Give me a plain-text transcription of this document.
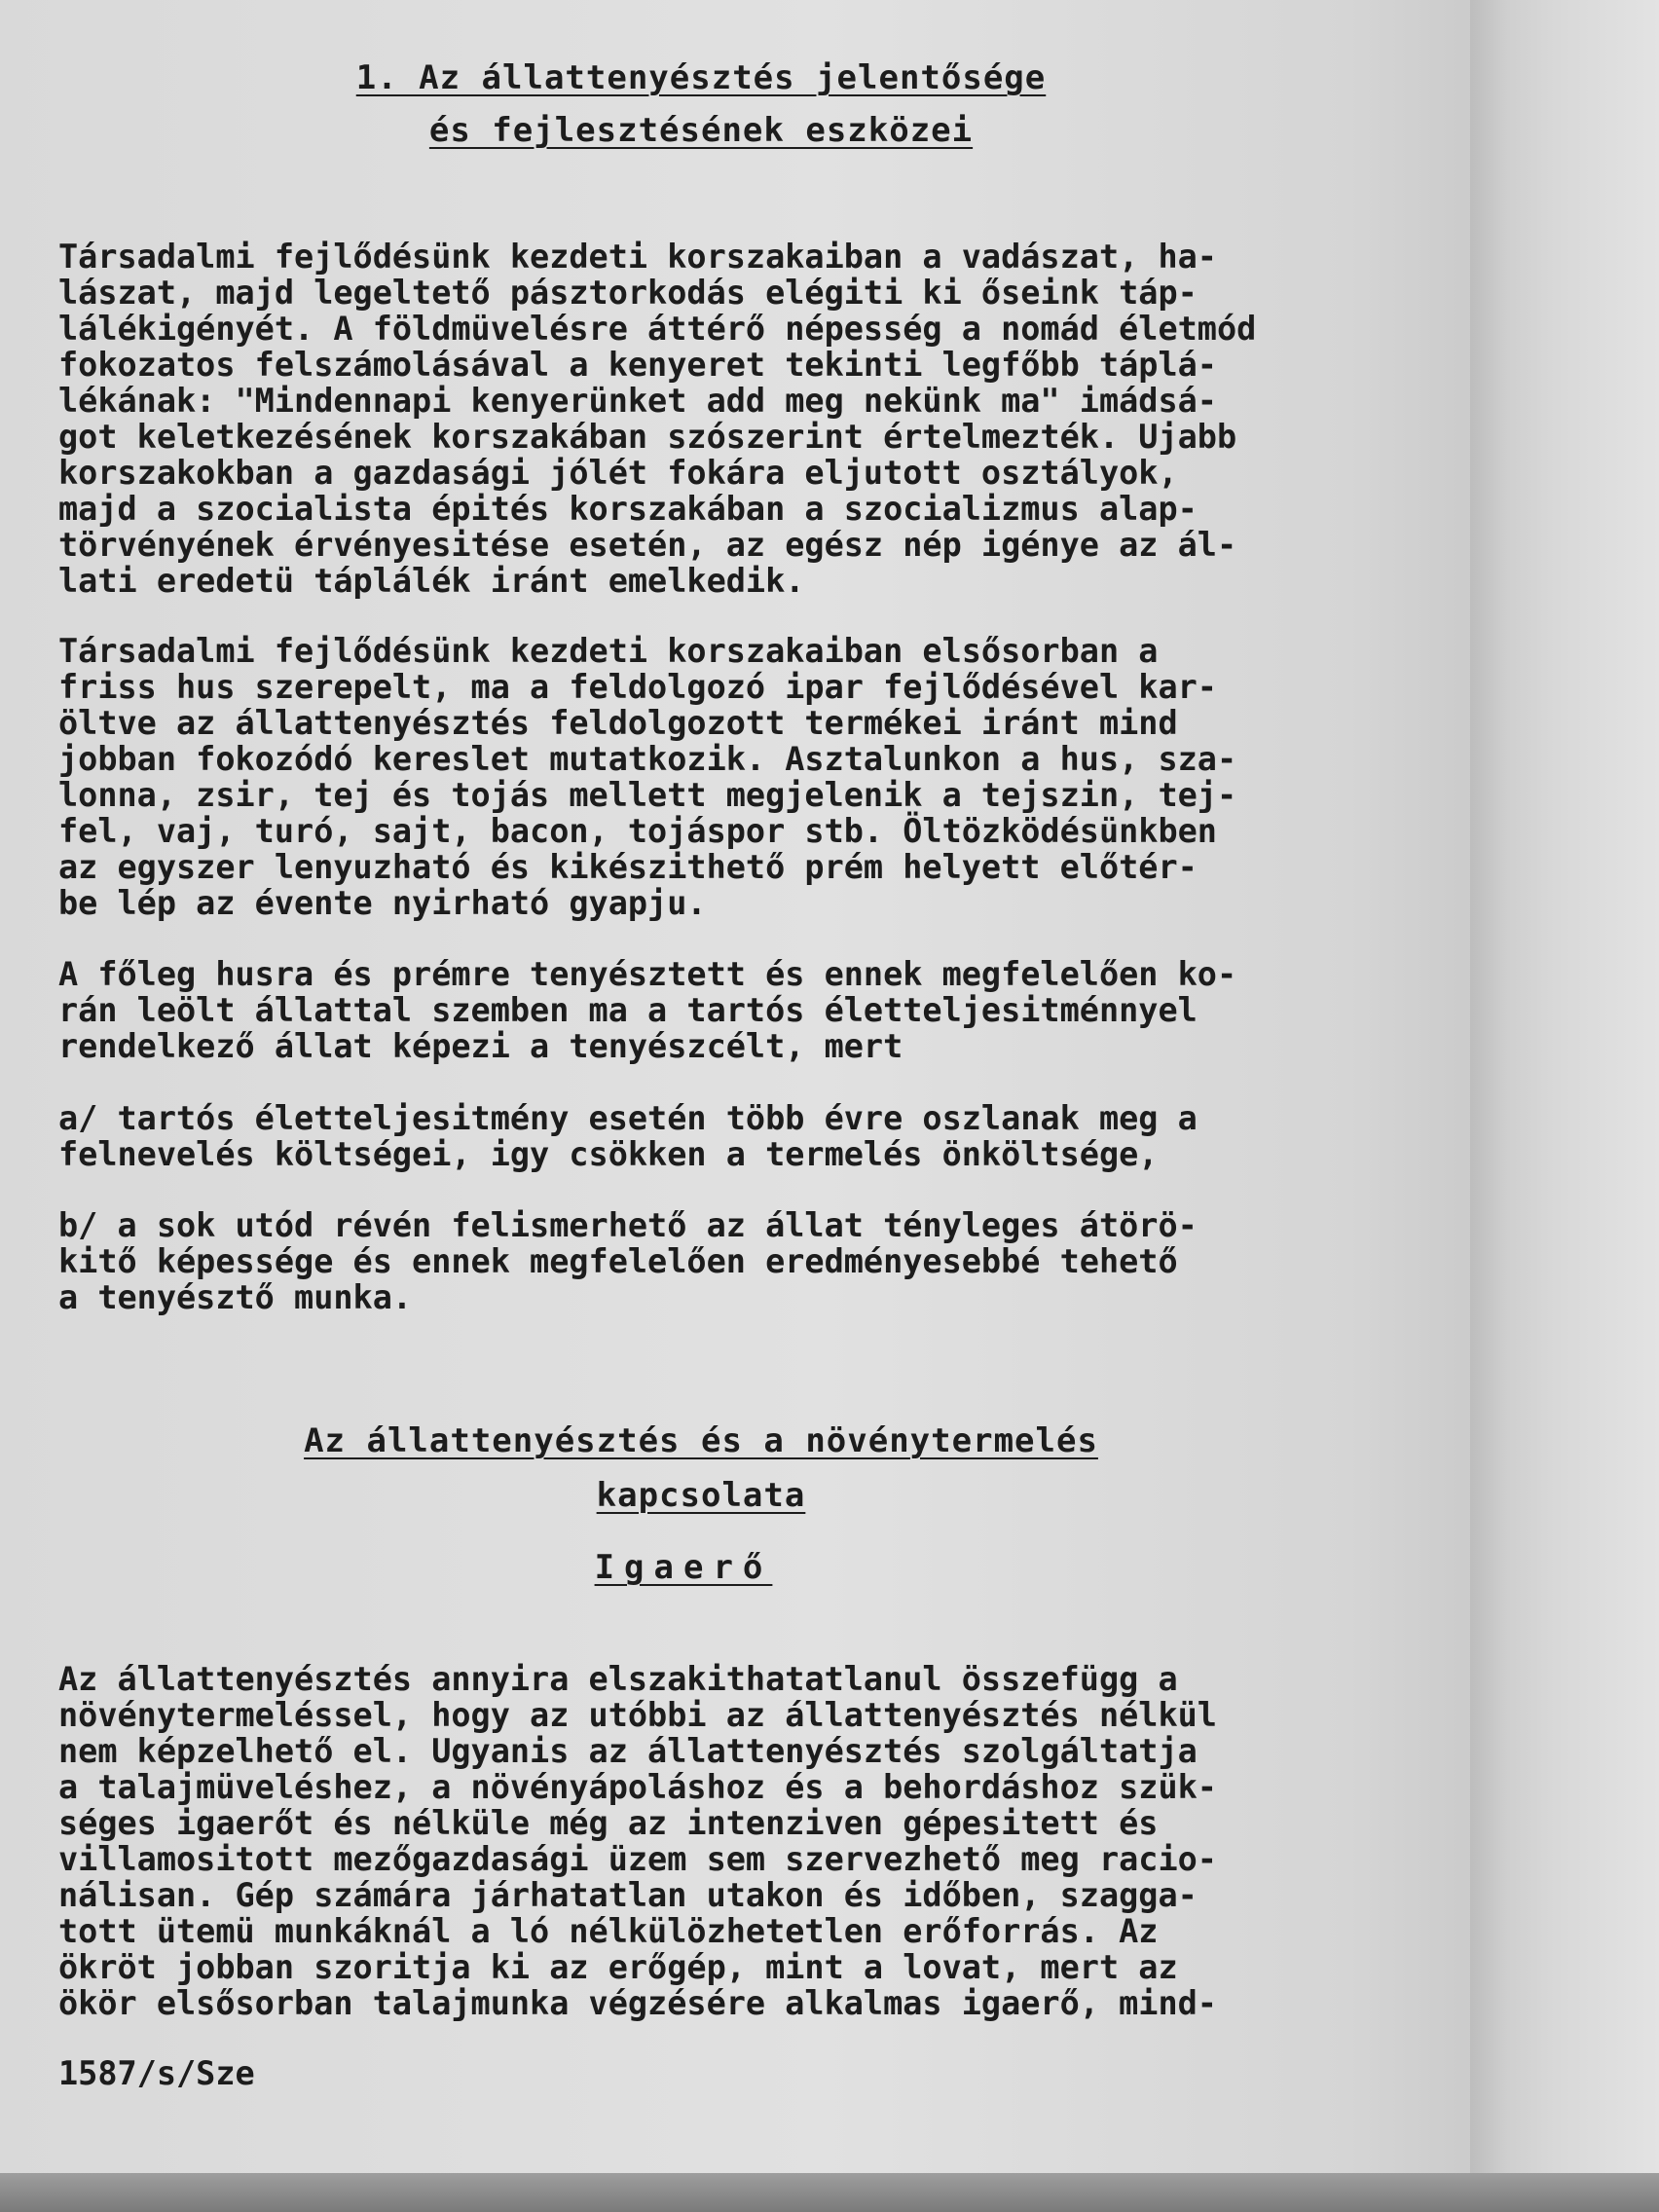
1. Az állattenyésztés jelentősége
és fejlesztésének eszközei

Társadalmi fejlődésünk kezdeti korszakaiban a vadászat, ha-
lászat, majd legeltető pásztorkodás elégiti ki őseink táp-
lálékigényét. A földmüvelésre áttérő népesség a nomád életmód
fokozatos felszámolásával a kenyeret tekinti legfőbb táplá-
lékának: "Mindennapi kenyerünket add meg nekünk ma" imádsá-
got keletkezésének korszakában szószerint értelmezték. Ujabb
korszakokban a gazdasági jólét fokára eljutott osztályok,
majd a szocialista épités korszakában a szocializmus alap-
törvényének érvényesitése esetén, az egész nép igénye az ál-
lati eredetü táplálék iránt emelkedik.

Társadalmi fejlődésünk kezdeti korszakaiban elsősorban a
friss hus szerepelt, ma a feldolgozó ipar fejlődésével kar-
öltve az állattenyésztés feldolgozott termékei iránt mind
jobban fokozódó kereslet mutatkozik. Asztalunkon a hus, sza-
lonna, zsir, tej és tojás mellett megjelenik a tejszin, tej-
fel, vaj, turó, sajt, bacon, tojáspor stb. Öltözködésünkben
az egyszer lenyuzható és kikészithető prém helyett előtér-
be lép az évente nyirható gyapju.

A főleg husra és prémre tenyésztett és ennek megfelelően ko-
rán leölt állattal szemben ma a tartós életteljesitménnyel
rendelkező állat képezi a tenyészcélt, mert

a/ tartós életteljesitmény esetén több évre oszlanak meg a
felnevelés költségei, igy csökken a termelés önköltsége,

b/ a sok utód révén felismerhető az állat tényleges átörö-
kitő képessége és ennek megfelelően eredményesebbé tehető
a tenyésztő munka.

Az állattenyésztés és a növénytermelés
kapcsolata
Igaerő

Az állattenyésztés annyira elszakithatatlanul összefügg a
növénytermeléssel, hogy az utóbbi az állattenyésztés nélkül
nem képzelhető el. Ugyanis az állattenyésztés szolgáltatja
a talajmüveléshez, a növényápoláshoz és a behordáshoz szük-
séges igaerőt és nélküle még az intenziven gépesitett és
villamositott mezőgazdasági üzem sem szervezhető meg racio-
nálisan. Gép számára járhatatlan utakon és időben, szagga-
tott ütemü munkáknál a ló nélkülözhetetlen erőforrás. Az
ökröt jobban szoritja ki az erőgép, mint a lovat, mert az
ökör elsősorban talajmunka végzésére alkalmas igaerő, mind-

1587/s/Sze
